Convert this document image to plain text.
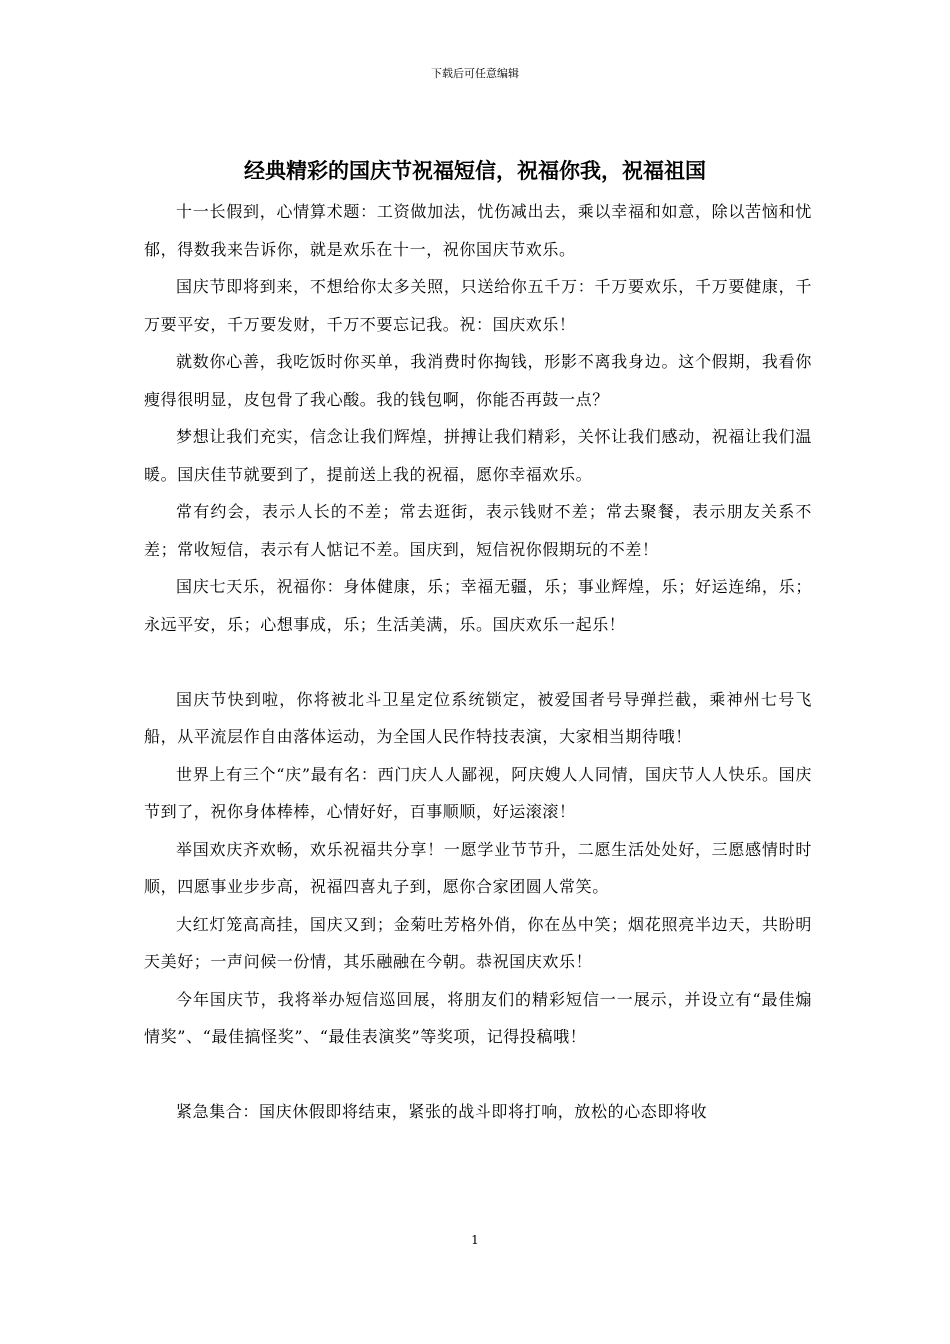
下载后可任意编辑
经典精彩的国庆节祝福短信，祝福你我，祝福祖国

十一长假到，心情算术题：工资做加法，忧伤减出去，乘以幸福和如意，除以苦恼和忧郁，得数我来告诉你，就是欢乐在十一，祝你国庆节欢乐。

国庆节即将到来，不想给你太多关照，只送给你五千万：千万要欢乐，千万要健康，千万要平安，千万要发财，千万不要忘记我。祝：国庆欢乐！

就数你心善，我吃饭时你买单，我消费时你掏钱，形影不离我身边。这个假期，我看你瘦得很明显，皮包骨了我心酸。我的钱包啊，你能否再鼓一点？

梦想让我们充实，信念让我们辉煌，拼搏让我们精彩，关怀让我们感动，祝福让我们温暖。国庆佳节就要到了，提前送上我的祝福，愿你幸福欢乐。

常有约会，表示人长的不差；常去逛街，表示钱财不差；常去聚餐，表示朋友关系不差；常收短信，表示有人惦记不差。国庆到，短信祝你假期玩的不差！

国庆七天乐，祝福你：身体健康，乐；幸福无疆，乐；事业辉煌，乐；好运连绵，乐；永远平安，乐；心想事成，乐；生活美满，乐。国庆欢乐一起乐！

国庆节快到啦，你将被北斗卫星定位系统锁定，被爱国者号导弹拦截，乘神州七号飞船，从平流层作自由落体运动，为全国人民作特技表演，大家相当期待哦！

世界上有三个“庆”最有名：西门庆人人鄙视，阿庆嫂人人同情，国庆节人人快乐。国庆节到了，祝你身体棒棒，心情好好，百事顺顺，好运滚滚！

举国欢庆齐欢畅，欢乐祝福共分享！一愿学业节节升，二愿生活处处好，三愿感情时时顺，四愿事业步步高，祝福四喜丸子到，愿你合家团圆人常笑。

大红灯笼高高挂，国庆又到；金菊吐芳格外俏，你在丛中笑；烟花照亮半边天，共盼明天美好；一声问候一份情，其乐融融在今朝。恭祝国庆欢乐！

今年国庆节，我将举办短信巡回展，将朋友们的精彩短信一一展示，并设立有“最佳煽情奖”、“最佳搞怪奖”、“最佳表演奖”等奖项，记得投稿哦！

紧急集合：国庆休假即将结束，紧张的战斗即将打响，放松的心态即将收

1
